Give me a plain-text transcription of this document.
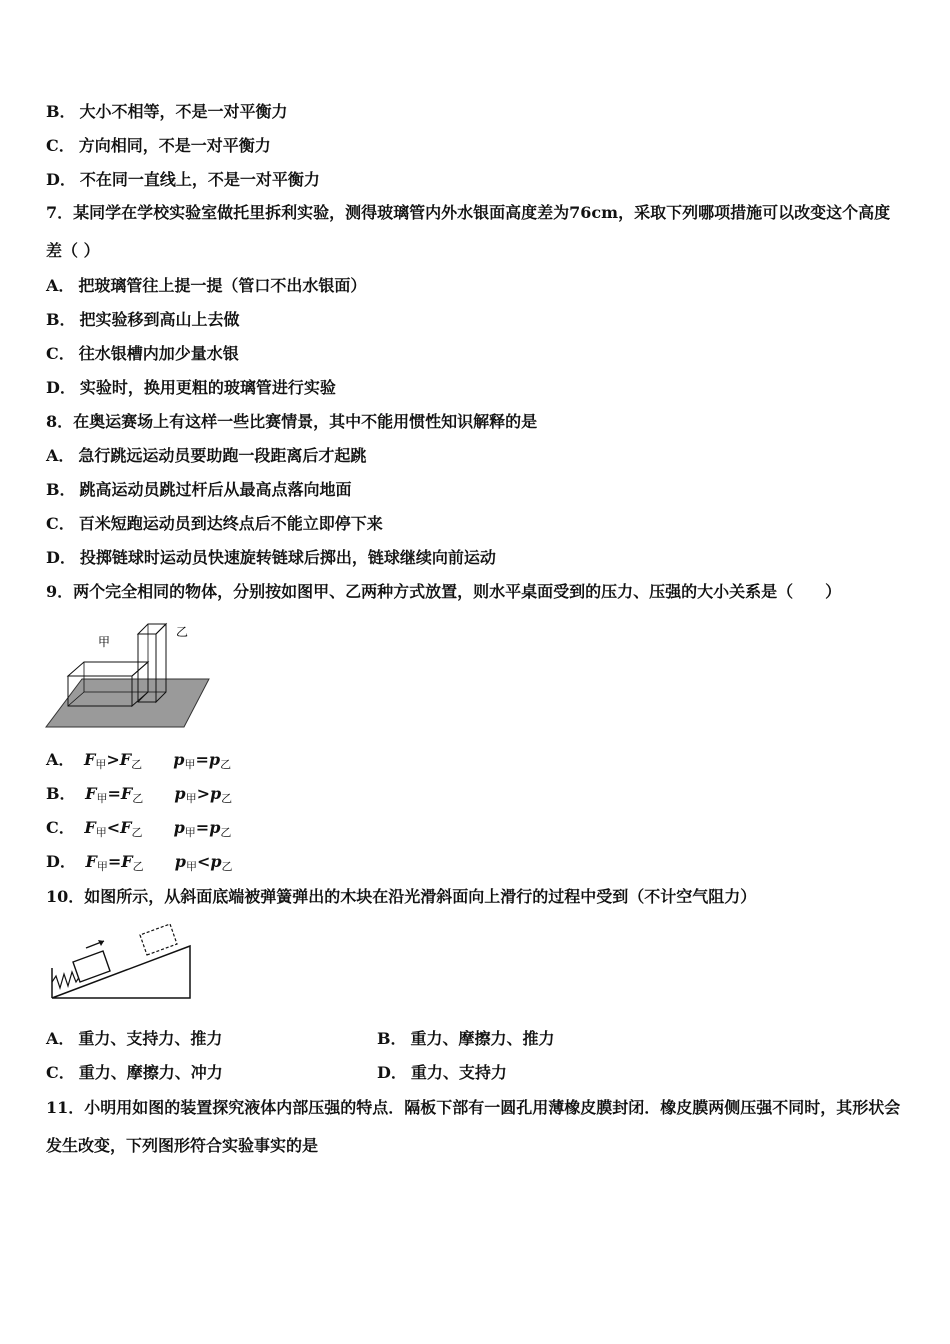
B． 大小不相等，不是一对平衡力
C． 方向相同，不是一对平衡力
D． 不在同一直线上，不是一对平衡力
7．某同学在学校实验室做托里拆利实验，测得玻璃管内外水银面高度差为76cm，采取下列哪项措施可以改变这个高度差（ ）
A． 把玻璃管往上提一提（管口不出水银面）
B． 把实验移到高山上去做
C． 往水银槽内加少量水银
D． 实验时，换用更粗的玻璃管进行实验
8．在奥运赛场上有这样一些比赛情景，其中不能用惯性知识解释的是
A． 急行跳远运动员要助跑一段距离后才起跳
B． 跳高运动员跳过杆后从最高点落向地面
C． 百米短跑运动员到达终点后不能立即停下来
D． 投掷链球时运动员快速旋转链球后掷出，链球继续向前运动
9．两个完全相同的物体，分别按如图甲、乙两种方式放置，则水平桌面受到的压力、压强的大小关系是（　　）
甲
乙
A． $F_甲>F_乙$ $p_甲=p_乙$
B． $F_甲=F_乙$ $p_甲>p_乙$
C． $F_甲<F_乙$ $p_甲=p_乙$
D． $F_甲=F_乙$ $p_甲<p_乙$
10．如图所示，从斜面底端被弹簧弹出的木块在沿光滑斜面向上滑行的过程中受到（不计空气阻力）
A． 重力、支持力、推力	B． 重力、摩擦力、推力
C． 重力、摩擦力、冲力	D． 重力、支持力
11．小明用如图的装置探究液体内部压强的特点．隔板下部有一圆孔用薄橡皮膜封闭．橡皮膜两侧压强不同时，其形状会发生改变，下列图形符合实验事实的是
